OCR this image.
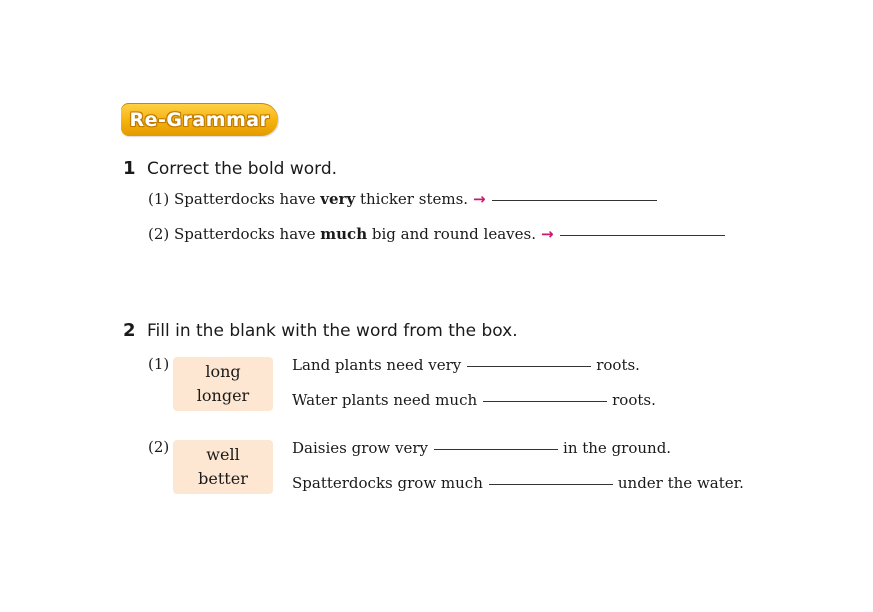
Re-Grammar
1 Correct the bold word.
(1)
Spatterdocks have
very
thicker stems. →
(2)
Spatterdocks have
much
big and round leaves. →
2 Fill in the blank with the word from the box.
(1) long
longer
Land plants need very	roots.
Water plants need much	roots.
(2) well
better
Daisies grow very	in the ground.
Spatterdocks grow much	under the water.
